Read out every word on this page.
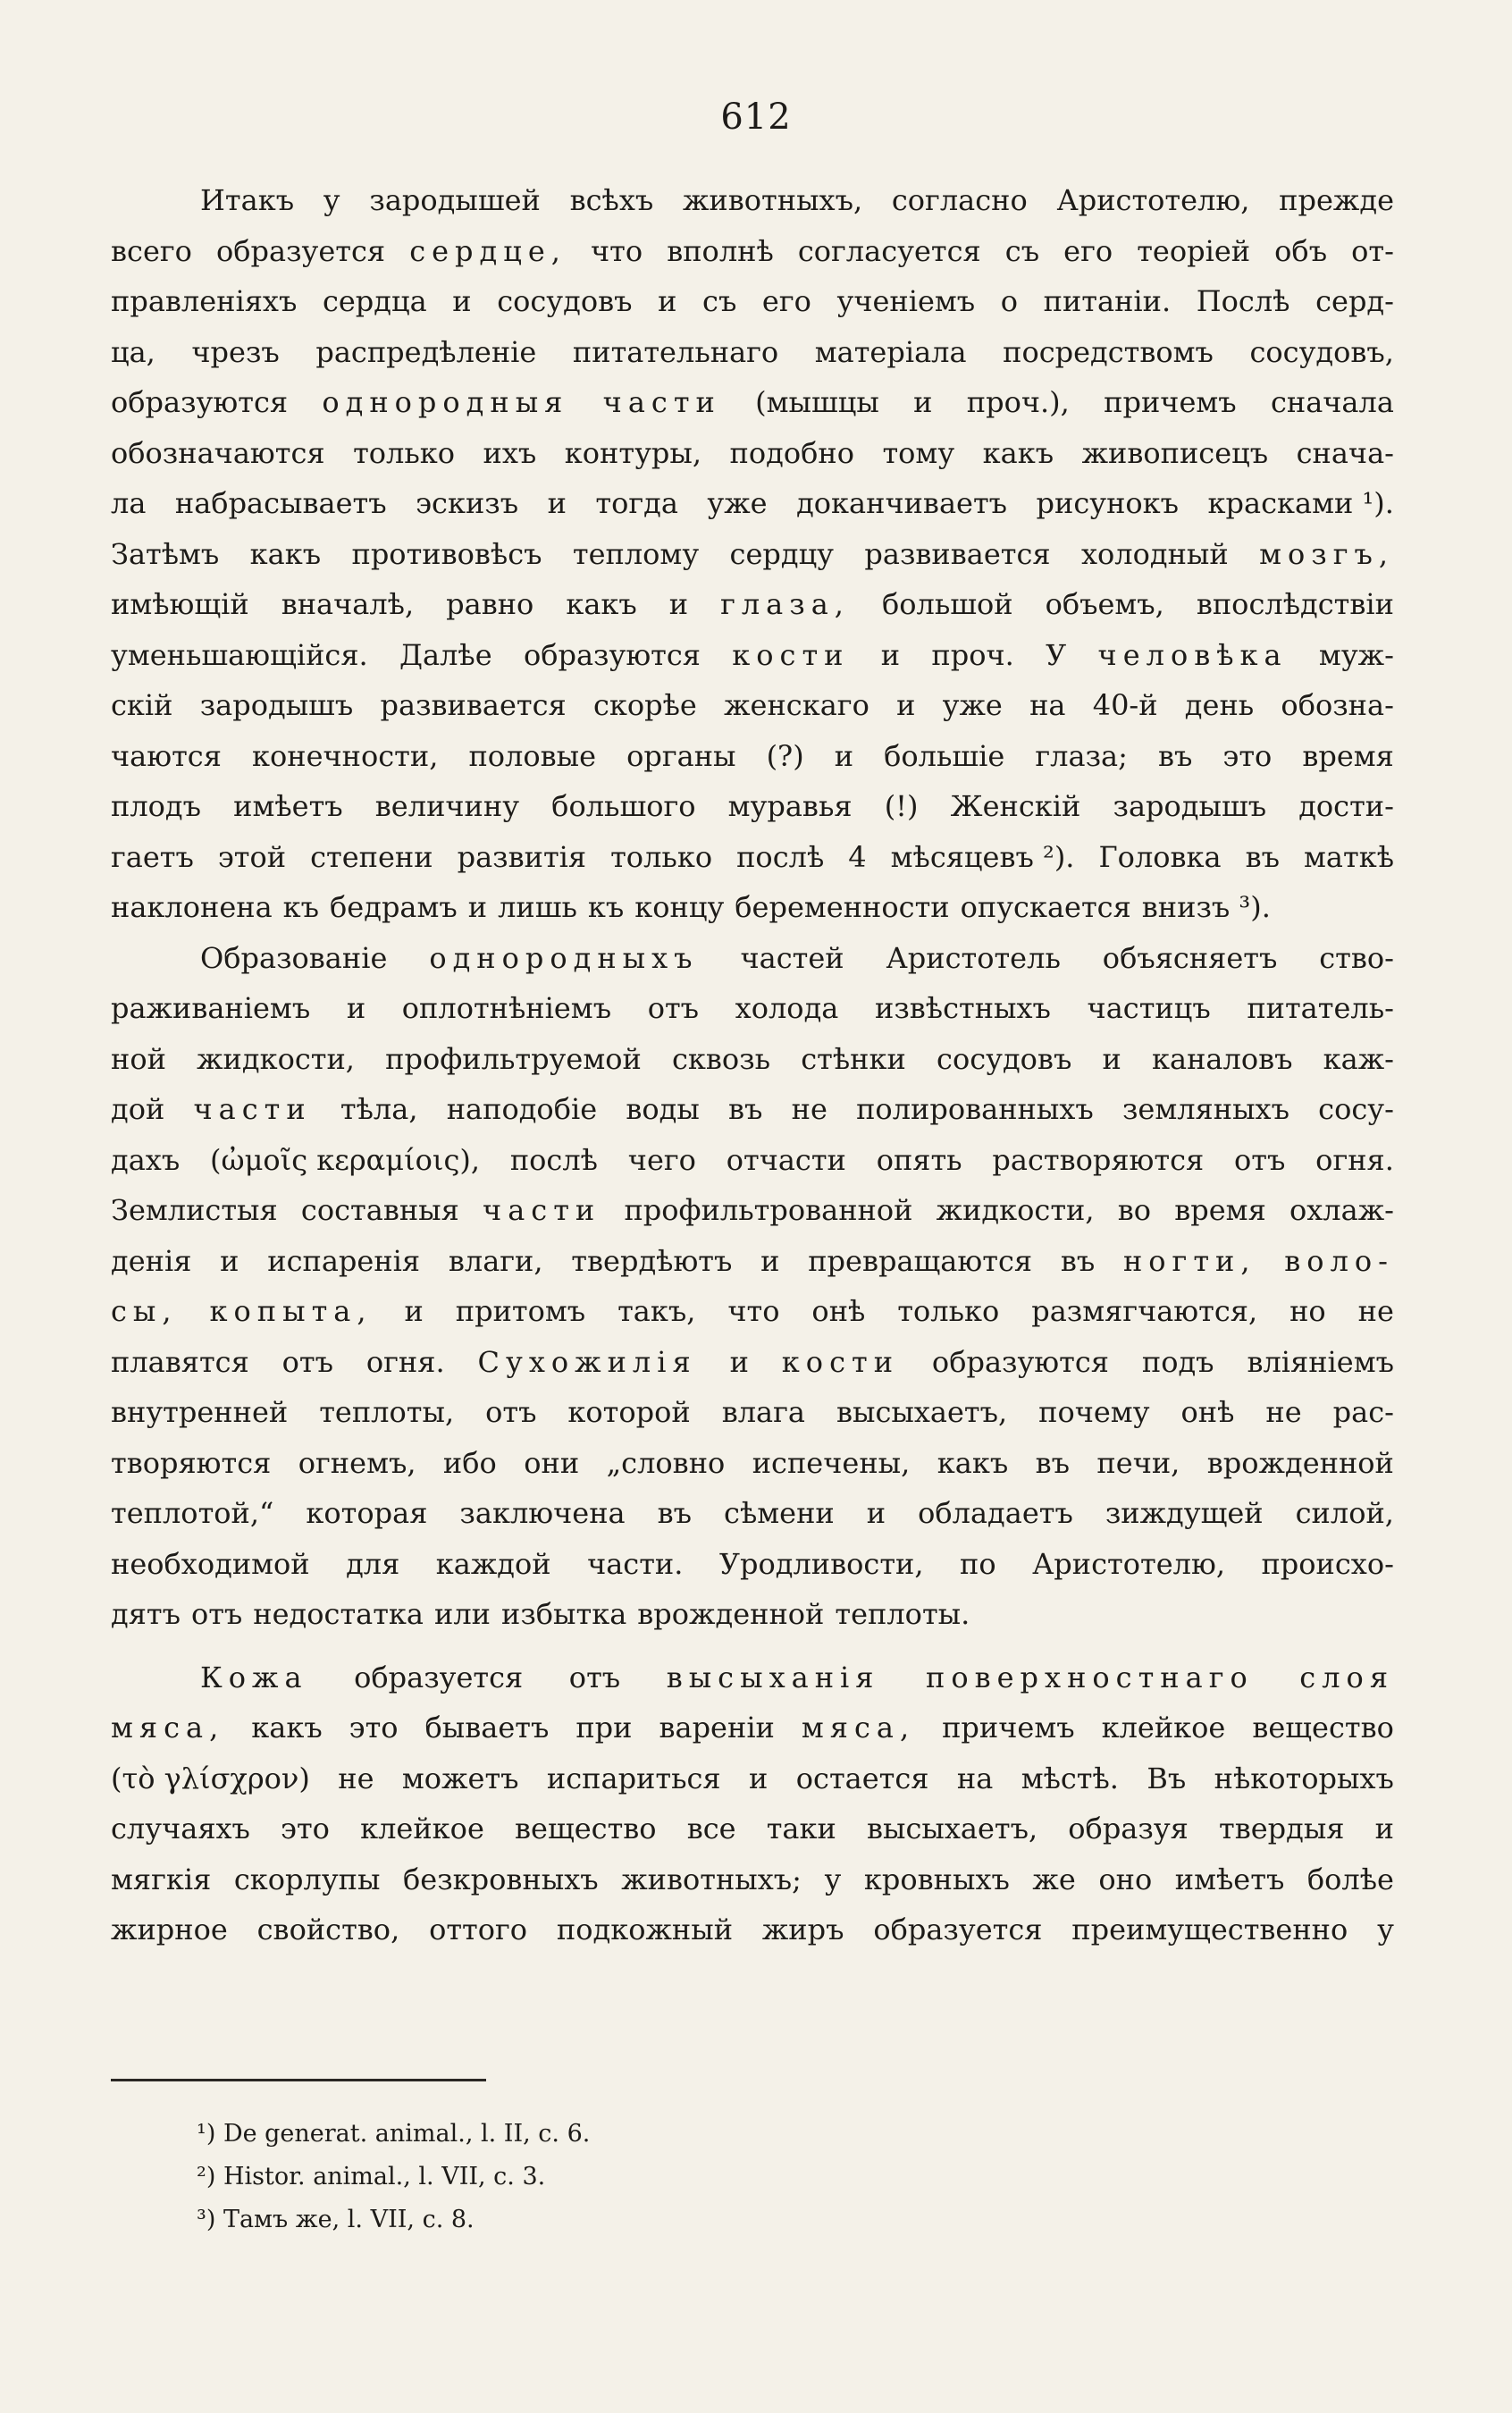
612
Итакъ у зародышей всѣхъ животныхъ, согласно Аристотелю, прежде
всего образуется сердце, что вполнѣ согласуется съ его теоріей объ от-
правленіяхъ сердца и сосудовъ и съ его ученіемъ о питаніи. Послѣ серд-
ца, чрезъ распредѣленіе питательнаго матеріала посредствомъ сосудовъ,
образуются однородныя части (мышцы и проч.), причемъ сначала
обозначаются только ихъ контуры, подобно тому какъ живописецъ снача-
ла набрасываетъ эскизъ и тогда уже доканчиваетъ рисунокъ красками ¹).
Затѣмъ какъ противовѣсъ теплому сердцу развивается холодный мозгъ,
имѣющій вначалѣ, равно какъ и глаза, большой объемъ, впослѣдствіи
уменьшающійся. Далѣе образуются кости и проч. У человѣка муж-
скій зародышъ развивается скорѣе женскаго и уже на 40-й день обозна-
чаются конечности, половые органы (?) и большіе глаза; въ это время
плодъ имѣетъ величину большого муравья (!) Женскій зародышъ дости-
гаетъ этой степени развитія только послѣ 4 мѣсяцевъ ²). Головка въ маткѣ
наклонена къ бедрамъ и лишь къ концу беременности опускается внизъ ³).
Образованіе однородныхъ частей Аристотель объясняетъ ство-
раживаніемъ и оплотнѣніемъ отъ холода извѣстныхъ частицъ питатель-
ной жидкости, профильтруемой сквозь стѣнки сосудовъ и каналовъ каж-
дой части тѣла, наподобіе воды въ не полированныхъ земляныхъ сосу-
дахъ (ὠμοῖς κεραμίοις), послѣ чего отчасти опять растворяются отъ огня.
Землистыя составныя части профильтрованной жидкости, во время охлаж-
денія и испаренія влаги, твердѣютъ и превращаются въ ногти, воло-
сы, копыта, и притомъ такъ, что онѣ только размягчаются, но не
плавятся отъ огня. Сухожилія и кости образуются подъ вліяніемъ
внутренней теплоты, отъ которой влага высыхаетъ, почему онѣ не рас-
творяются огнемъ, ибо они „словно испечены, какъ въ печи, врожденной
теплотой,“ которая заключена въ сѣмени и обладаетъ зиждущей силой,
необходимой для каждой части. Уродливости, по Аристотелю, происхо-
дятъ отъ недостатка или избытка врожденной теплоты.
Кожа образуется отъ высыханія поверхностнаго слоя
мяса, какъ это бываетъ при вареніи мяса, причемъ клейкое вещество
(τὸ γλίσχρον) не можетъ испариться и остается на мѣстѣ. Въ нѣкоторыхъ
случаяхъ это клейкое вещество все таки высыхаетъ, образуя твердыя и
мягкія скорлупы безкровныхъ животныхъ; у кровныхъ же оно имѣетъ болѣе
жирное свойство, оттого подкожный жиръ образуется преимущественно у
¹) De generat. animal., l. II, c. 6.
²) Histor. animal., l. VII, c. 3.
³) Тамъ же, l. VII, c. 8.
